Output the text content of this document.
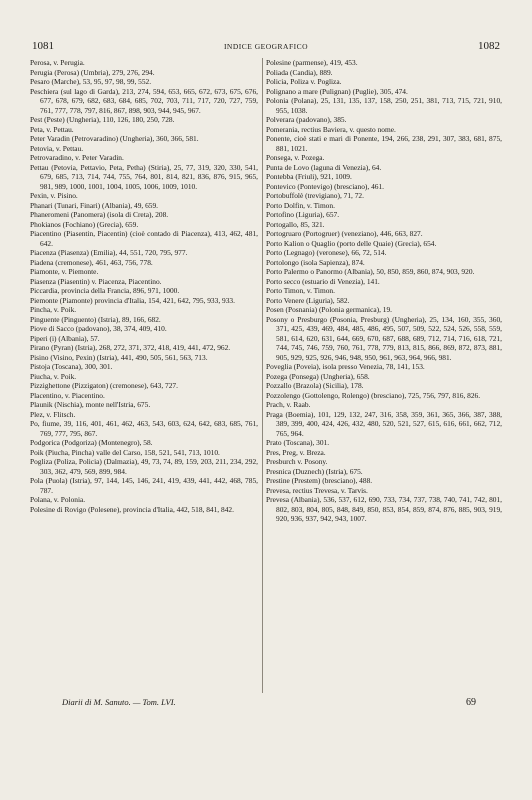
1081	INDICE GEOGRAFICO	1082

Perosa, v. Perugia.

Perugia (Perosa) (Umbria), 279, 276, 294.

Pesaro (Marche), 53, 95, 97, 98, 99, 552.

Peschiera (sul lago di Garda), 213, 274, 594, 653, 665, 672, 673, 675, 676, 677, 678, 679, 682, 683, 684, 685, 702, 703, 711, 717, 720, 727, 759, 761, 777, 778, 797, 816, 867, 898, 903, 944, 945, 967.

Pest (Peste) (Ungheria), 110, 126, 180, 250, 728.

Peta, v. Pettau.

Peter Varadin (Petrovaradino) (Ungheria), 360, 366, 581.

Petovia, v. Pettau.

Petrovaradino, v. Peter Varadin.

Pettau (Petovia, Pettavio, Peta, Petha) (Stiria), 25, 77, 319, 320, 330, 541, 679, 685, 713, 714, 744, 755, 764, 801, 814, 821, 836, 876, 915, 965, 981, 989, 1000, 1001, 1004, 1005, 1006, 1009, 1010.

Pexin, v. Pisino.

Phanari (Tunari, Finari) (Albania), 49, 659.

Phaneromeni (Panomera) (isola di Creta), 208.

Phokianos (Fochiano) (Grecia), 659.

Piacentino (Piasentin, Piacentin) (cioè contado di Piacenza), 413, 462, 481, 642.

Piacenza (Piasenza) (Emilia), 44, 551, 720, 795, 977.

Piadena (cremonese), 461, 463, 756, 778.

Piamonte, v. Piemonte.

Piasenza (Piasentin) v. Piacenza, Piacentino.

Piccardia, provincia della Francia, 896, 971, 1000.

Piemonte (Piamonte) provincia d'Italia, 154, 421, 642, 795, 933, 933.

Pincha, v. Poik.

Pinguente (Pinguento) (Istria), 89, 166, 682.

Piove di Sacco (padovano), 38, 374, 409, 410.

Piperi (i) (Albania), 57.

Pirano (Pyran) (Istria), 268, 272, 371, 372, 418, 419, 441, 472, 962.

Pisino (Visino, Pexin) (Istria), 441, 490, 505, 561, 563, 713.

Pistoja (Toscana), 300, 301.

Piucha, v. Poik.

Pizzighettone (Pizzigaton) (cremonese), 643, 727.

Placentino, v. Piacentino.

Plaunik (Nischia), monte nell'Istria, 675.

Plez, v. Flitsch.

Po, fiume, 39, 116, 401, 461, 462, 463, 543, 603, 624, 642, 683, 685, 761, 769, 777, 795, 867.

Podgorica (Podgoriza) (Montenegro), 58.

Poik (Piucha, Pincha) valle del Carso, 158, 521, 541, 713, 1010.

Pogliza (Poliza, Policia) (Dalmazia), 49, 73, 74, 89, 159, 203, 211, 234, 292, 303, 362, 479, 569, 899, 984.

Pola (Puola) (Istria), 97, 144, 145, 146, 241, 419, 439, 441, 442, 468, 785, 787.

Polana, v. Polonia.

Polesine di Rovigo (Polesene), provincia d'Italia, 442, 518, 841, 842.

Polesine (parmense), 419, 453.

Poliada (Candia), 889.

Policia, Poliza v. Pogliza.

Polignano a mare (Pulignan) (Puglie), 305, 474.

Polonia (Polana), 25, 131, 135, 137, 158, 250, 251, 381, 713, 715, 721, 910, 955, 1038.

Polverara (padovano), 385.

Pomerania, rectius Baviera, v. questo nome.

Ponente, cioè stati e mari di Ponente, 194, 266, 238, 291, 307, 383, 681, 875, 881, 1021.

Ponsega, v. Pozega.

Punta de Lovo (laguna di Venezia), 64.

Pontebba (Friuli), 921, 1009.

Pontevico (Pontevigo) (bresciano), 461.

Portobuffolè (trevigiano), 71, 72.

Porto Dolfin, v. Timon.

Portofino (Liguria), 657.

Portogallo, 85, 321.

Portogruaro (Portogruer) (veneziano), 446, 663, 827.

Porto Kalion o Quaglio (porto delle Quaie) (Grecia), 654.

Porto (Legnago) (veronese), 66, 72, 514.

Portolongo (isola Sapienza), 874.

Porto Palermo o Panormo (Albania), 50, 850, 859, 860, 874, 903, 920.

Porto secco (estuario di Venezia), 141.

Porto Timon, v. Timon.

Porto Venere (Liguria), 582.

Posen (Posnania) (Polonia germanica), 19.

Posony o Presburgo (Posonia, Presburg) (Ungheria), 25, 134, 160, 355, 360, 371, 425, 439, 469, 484, 485, 486, 495, 507, 509, 522, 524, 526, 558, 559, 581, 614, 620, 631, 644, 669, 670, 687, 688, 689, 712, 714, 716, 618, 721, 744, 745, 746, 759, 760, 761, 778, 779, 813, 815, 866, 869, 872, 873, 881, 905, 929, 925, 926, 946, 948, 950, 961, 963, 964, 966, 981.

Poveglia (Poveia), isola presso Venezia, 78, 141, 153.

Pozega (Ponsega) (Ungheria), 658.

Pozzallo (Brazola) (Sicilia), 178.

Pozzolengo (Gottolengo, Rolengo) (bresciano), 725, 756, 797, 816, 826.

Prach, v. Raab.

Praga (Boemia), 101, 129, 132, 247, 316, 358, 359, 361, 365, 366, 387, 388, 389, 399, 400, 424, 426, 432, 480, 520, 521, 527, 615, 616, 661, 662, 712, 765, 964.

Prato (Toscana), 301.

Pres, Preg, v. Breza.

Presburch v. Posony.

Presnica (Duznech) (Istria), 675.

Prestine (Prestem) (bresciano), 488.

Prevesa, rectius Trevesa, v. Tarvis.

Prevesa (Albania), 536, 537, 612, 690, 733, 734, 737, 738, 740, 741, 742, 801, 802, 803, 804, 805, 848, 849, 850, 853, 854, 859, 874, 876, 885, 903, 919, 920, 936, 937, 942, 943, 1007.

Diarii di M. Sanuto. — Tom. LVI.	69
